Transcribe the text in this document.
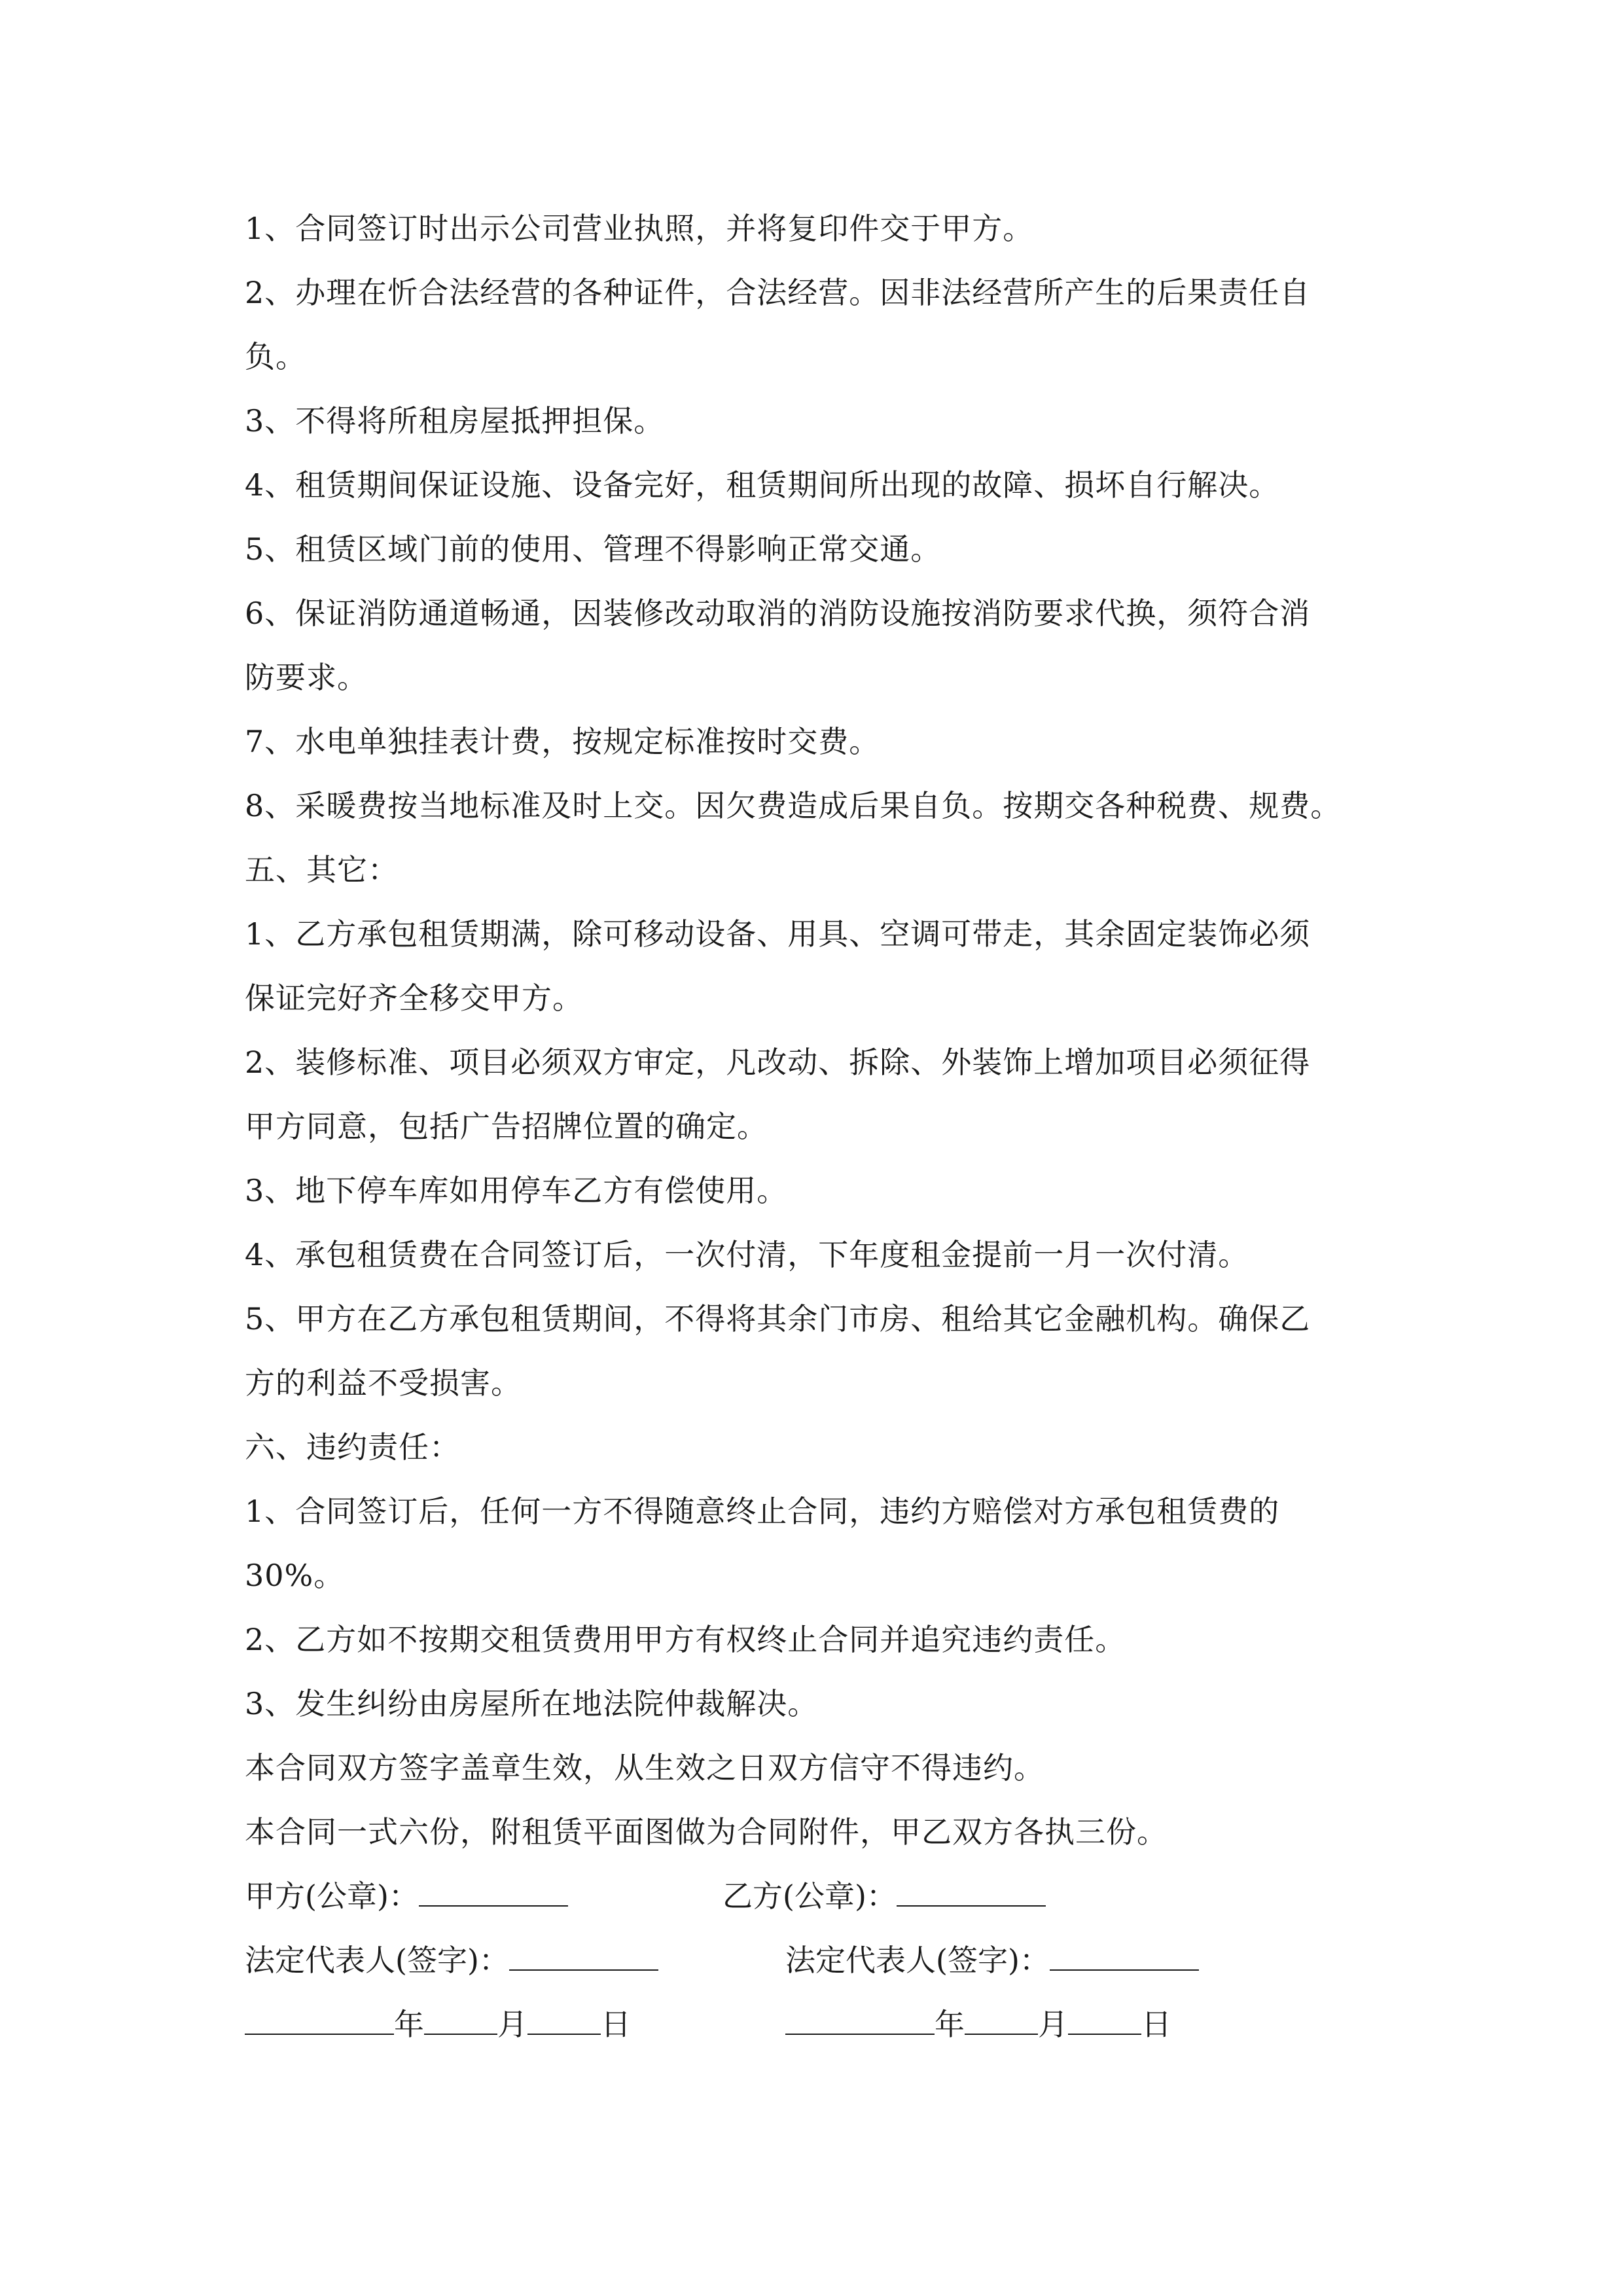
1、合同签订时出示公司营业执照，并将复印件交于甲方。
2、办理在忻合法经营的各种证件，合法经营。因非法经营所产生的后果责任自
负。
3、不得将所租房屋抵押担保。
4、租赁期间保证设施、设备完好，租赁期间所出现的故障、损坏自行解决。
5、租赁区域门前的使用、管理不得影响正常交通。
6、保证消防通道畅通，因装修改动取消的消防设施按消防要求代换，须符合消
防要求。
7、水电单独挂表计费，按规定标准按时交费。
8、采暖费按当地标准及时上交。因欠费造成后果自负。按期交各种税费、规费。
五、其它：
1、乙方承包租赁期满，除可移动设备、用具、空调可带走，其余固定装饰必须
保证完好齐全移交甲方。
2、装修标准、项目必须双方审定，凡改动、拆除、外装饰上增加项目必须征得
甲方同意，包括广告招牌位置的确定。
3、地下停车库如用停车乙方有偿使用。
4、承包租赁费在合同签订后，一次付清，下年度租金提前一月一次付清。
5、甲方在乙方承包租赁期间，不得将其余门市房、租给其它金融机构。确保乙
方的利益不受损害。
六、违约责任：
1、合同签订后，任何一方不得随意终止合同，违约方赔偿对方承包租赁费的
30%。
2、乙方如不按期交租赁费用甲方有权终止合同并追究违约责任。
3、发生纠纷由房屋所在地法院仲裁解决。
本合同双方签字盖章生效，从生效之日双方信守不得违约。
本合同一式六份，附租赁平面图做为合同附件，甲乙双方各执三份。
甲方(公章)：	乙方(公章)：
法定代表人(签字)：	法定代表人(签字)：
年 月 日	年 月 日
